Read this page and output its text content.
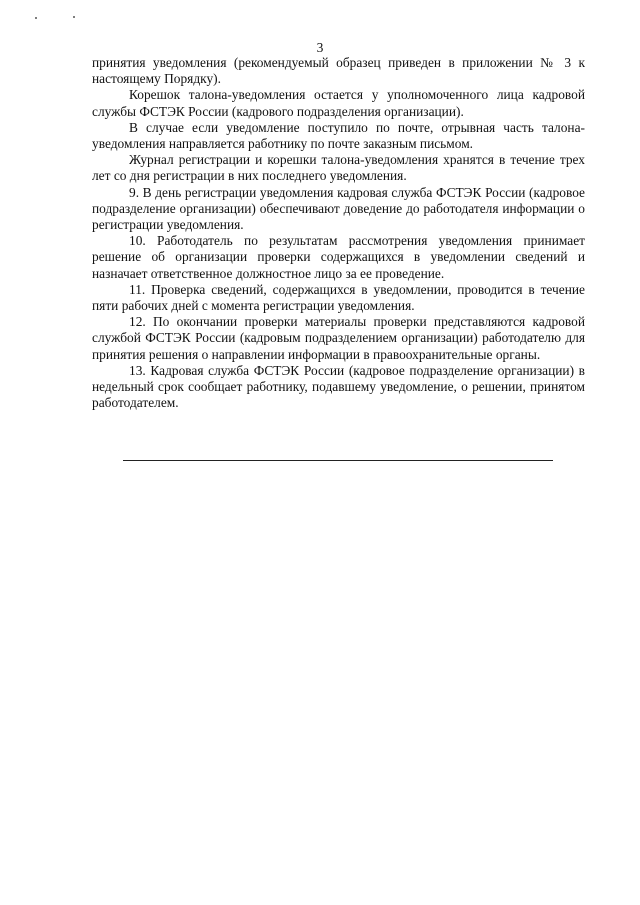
3

принятия уведомления (рекомендуемый образец приведен в приложении № 3 к настоящему Порядку).

Корешок талона-уведомления остается у уполномоченного лица кадровой службы ФСТЭК России (кадрового подразделения организации).

В случае если уведомление поступило по почте, отрывная часть талона-уведомления направляется работнику по почте заказным письмом.

Журнал регистрации и корешки талона-уведомления хранятся в течение трех лет со дня регистрации в них последнего уведомления.

9. В день регистрации уведомления кадровая служба ФСТЭК России (кадровое подразделение организации) обеспечивают доведение до работодателя информации о регистрации уведомления.

10. Работодатель по результатам рассмотрения уведомления принимает решение об организации проверки содержащихся в уведомлении сведений и назначает ответственное должностное лицо за ее проведение.

11. Проверка сведений, содержащихся в уведомлении, проводится в течение пяти рабочих дней с момента регистрации уведомления.

12. По окончании проверки материалы проверки представляются кадровой службой ФСТЭК России (кадровым подразделением организации) работодателю для принятия решения о направлении информации в правоохранительные органы.

13. Кадровая служба ФСТЭК России (кадровое подразделение организации) в недельный срок сообщает работнику, подавшему уведомление, о решении, принятом работодателем.
